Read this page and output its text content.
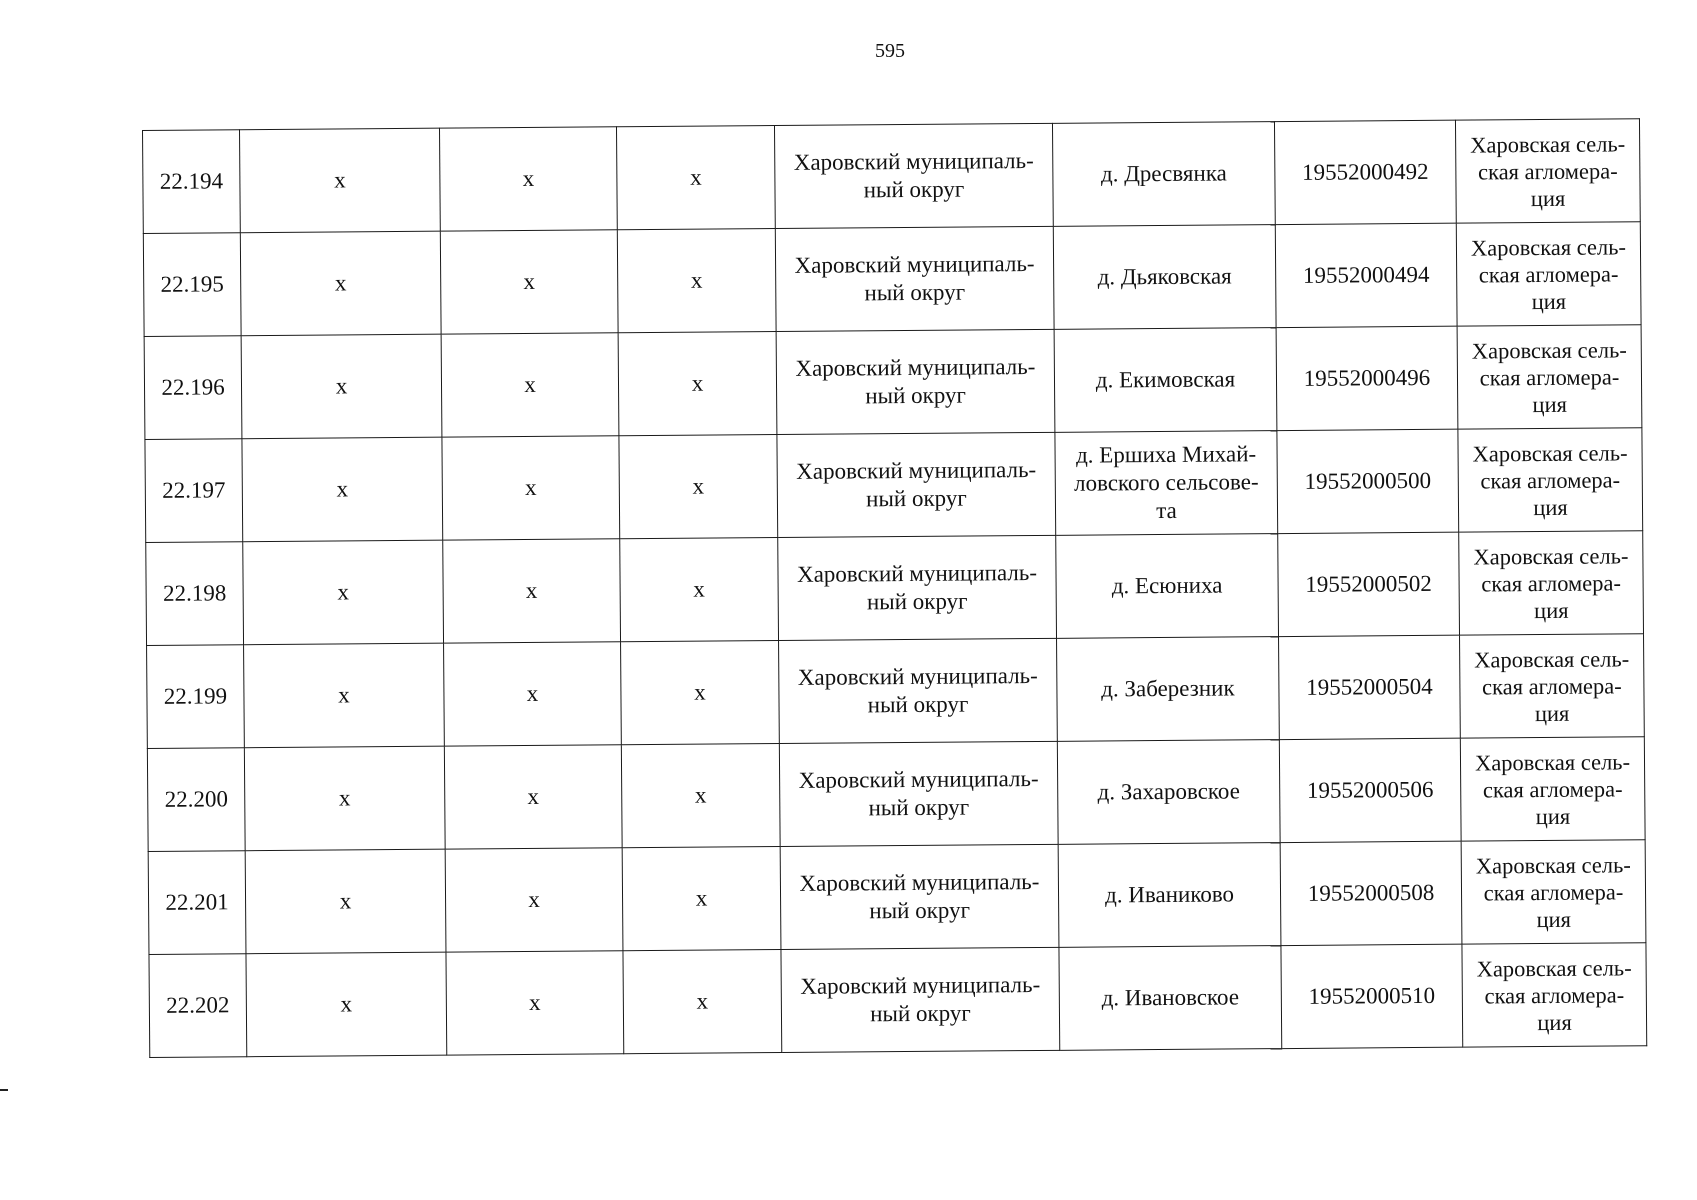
595
22.194	х	х	х	Харовский муниципаль-
ный округ	д. Дресвянка	19552000492	Харовская сель-
ская агломера-
ция
22.195	х	х	х	Харовский муниципаль-
ный округ	д. Дьяковская	19552000494	Харовская сель-
ская агломера-
ция
22.196	х	х	х	Харовский муниципаль-
ный округ	д. Екимовская	19552000496	Харовская сель-
ская агломера-
ция
22.197	х	х	х	Харовский муниципаль-
ный округ	д. Ершиха Михай-
ловского сельсове-
та	19552000500	Харовская сель-
ская агломера-
ция
22.198	х	х	х	Харовский муниципаль-
ный округ	д. Есюниха	19552000502	Харовская сель-
ская агломера-
ция
22.199	х	х	х	Харовский муниципаль-
ный округ	д. Заберезник	19552000504	Харовская сель-
ская агломера-
ция
22.200	х	х	х	Харовский муниципаль-
ный округ	д. Захаровское	19552000506	Харовская сель-
ская агломера-
ция
22.201	х	х	х	Харовский муниципаль-
ный округ	д. Иваниково	19552000508	Харовская сель-
ская агломера-
ция
22.202	х	х	х	Харовский муниципаль-
ный округ	д. Ивановское	19552000510	Харовская сель-
ская агломера-
ция
